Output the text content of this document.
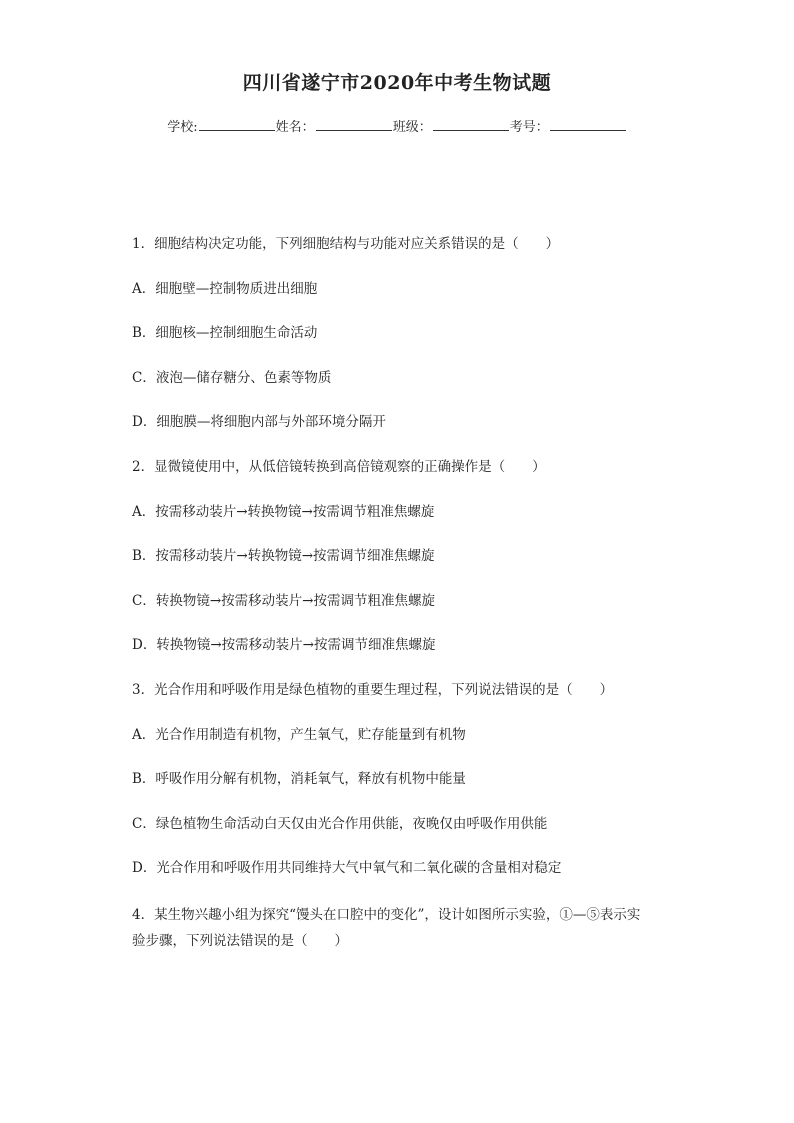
四川省遂宁市2020年中考生物试题
学校:	姓名：	班级：	考号：
1．细胞结构决定功能，下列细胞结构与功能对应关系错误的是（　　）
A．细胞壁—控制物质进出细胞
B．细胞核—控制细胞生命活动
C．液泡—储存糖分、色素等物质
D．细胞膜—将细胞内部与外部环境分隔开
2．显微镜使用中，从低倍镜转换到高倍镜观察的正确操作是（　　）
A．按需移动装片→转换物镜→按需调节粗准焦螺旋
B．按需移动装片→转换物镜→按需调节细准焦螺旋
C．转换物镜→按需移动装片→按需调节粗准焦螺旋
D．转换物镜→按需移动装片→按需调节细准焦螺旋
3．光合作用和呼吸作用是绿色植物的重要生理过程，下列说法错误的是（　　）
A．光合作用制造有机物，产生氧气，贮存能量到有机物
B．呼吸作用分解有机物，消耗氧气，释放有机物中能量
C．绿色植物生命活动白天仅由光合作用供能，夜晚仅由呼吸作用供能
D．光合作用和呼吸作用共同维持大气中氧气和二氧化碳的含量相对稳定
4．某生物兴趣小组为探究“馒头在口腔中的变化”，设计如图所示实验，①—⑤表示实
验步骤，下列说法错误的是（　　）
